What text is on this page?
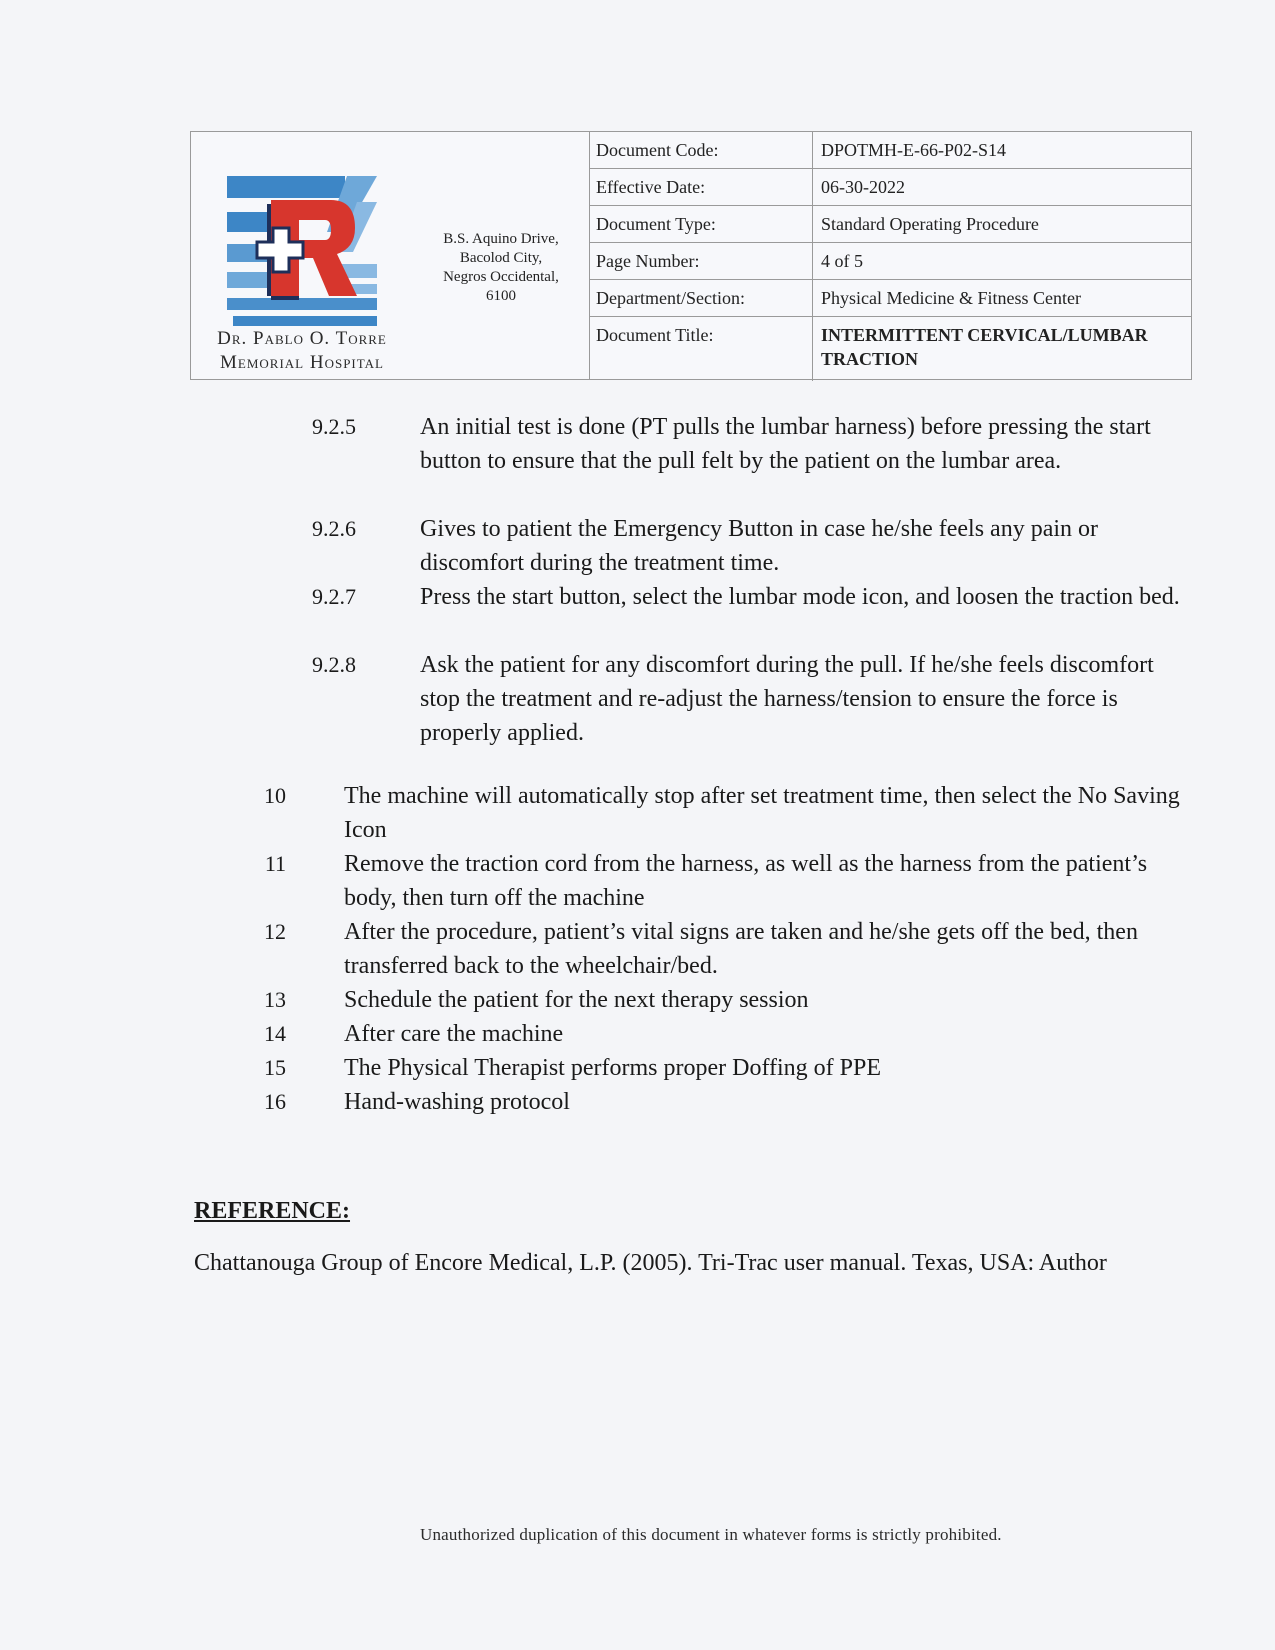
Dr. Pablo O. Torre
Memorial Hospital
B.S. Aquino Drive,
Bacolod City,
Negros Occidental,
6100
Document Code:	DPOTMH-E-66-P02-S14
Effective Date:	06-30-2022
Document Type:	Standard Operating Procedure
Page Number:	4 of 5
Department/Section:	Physical Medicine & Fitness Center
Document Title:	INTERMITTENT CERVICAL/LUMBAR TRACTION
9.2.5	An initial test is done (PT pulls the lumbar harness) before pressing the start button to ensure that the pull felt by the patient on the lumbar area.
9.2.6	Gives to patient the Emergency Button in case he/she feels any pain or discomfort during the treatment time.
9.2.7	Press the start button, select the lumbar mode icon, and loosen the traction bed.
9.2.8	Ask the patient for any discomfort during the pull. If he/she feels discomfort stop the treatment and re-adjust the harness/tension to ensure the force is properly applied.
10 The machine will automatically stop after set treatment time, then select the No Saving Icon
11 Remove the traction cord from the harness, as well as the harness from the patient’s body, then turn off the machine
12 After the procedure, patient’s vital signs are taken and he/she gets off the bed, then transferred back to the wheelchair/bed.
13 Schedule the patient for the next therapy session
14 After care the machine
15 The Physical Therapist performs proper Doffing of PPE
16 Hand-washing protocol
REFERENCE:
Chattanouga Group of Encore Medical, L.P. (2005). Tri-Trac user manual. Texas, USA: Author
Unauthorized duplication of this document in whatever forms is strictly prohibited.
